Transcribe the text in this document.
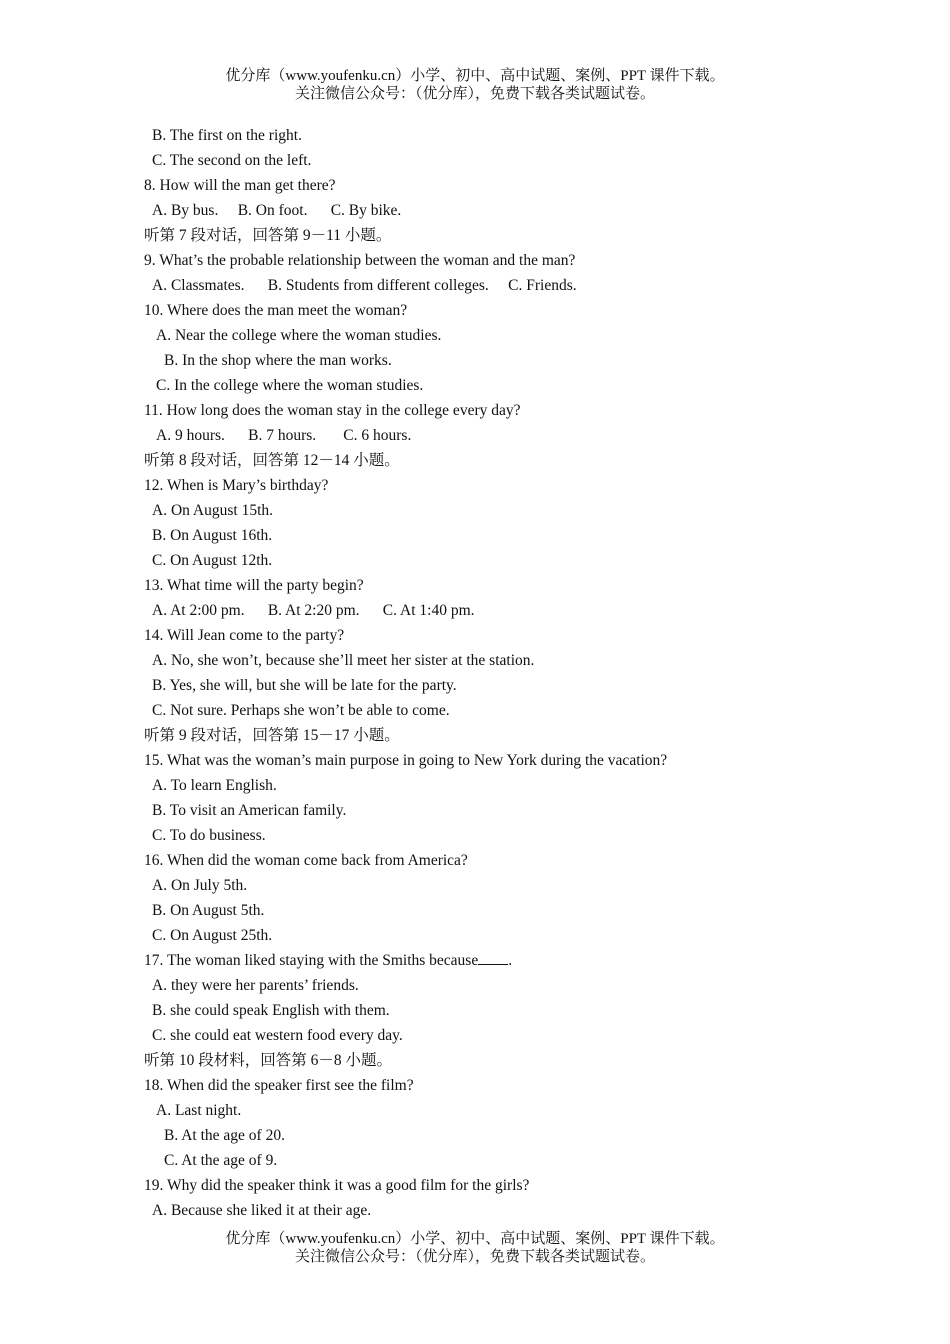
优分库（www.youfenku.cn）小学、初中、高中试题、案例、PPT 课件下载。
关注微信公众号：（优分库），免费下载各类试题试卷。
B. The first on the right.
C. The second on the left.
8. How will the man get there?
A. By bus.     B. On foot.      C. By bike.
听第 7 段对话，回答第 9－11 小题。
9. What’s the probable relationship between the woman and the man?
A. Classmates.      B. Students from different colleges.     C. Friends.
10. Where does the man meet the woman?
A. Near the college where the woman studies.
B. In the shop where the man works.
C. In the college where the woman studies.
11. How long does the woman stay in the college every day?
A. 9 hours.      B. 7 hours.       C. 6 hours.
听第 8 段对话，回答第 12－14 小题。
12. When is Mary’s birthday?
A. On August 15th.
B. On August 16th.
C. On August 12th.
13. What time will the party begin?
A. At 2:00 pm.      B. At 2:20 pm.      C. At 1:40 pm.
14. Will Jean come to the party?
A. No, she won’t, because she’ll meet her sister at the station.
B. Yes, she will, but she will be late for the party.
C. Not sure. Perhaps she won’t be able to come.
听第 9 段对话，回答第 15－17 小题。
15. What was the woman’s main purpose in going to New York during the vacation?
A. To learn English.
B. To visit an American family.
C. To do business.
16. When did the woman come back from America?
A. On July 5th.
B. On August 5th.
C. On August 25th.
17. The woman liked staying with the Smiths because .
A. they were her parents’ friends.
B. she could speak English with them.
C. she could eat western food every day.
听第 10 段材料，回答第 6－8 小题。
18. When did the speaker first see the film?
A. Last night.
B. At the age of 20.
C. At the age of 9.
19. Why did the speaker think it was a good film for the girls?
A. Because she liked it at their age.
优分库（www.youfenku.cn）小学、初中、高中试题、案例、PPT 课件下载。
关注微信公众号：（优分库），免费下载各类试题试卷。
